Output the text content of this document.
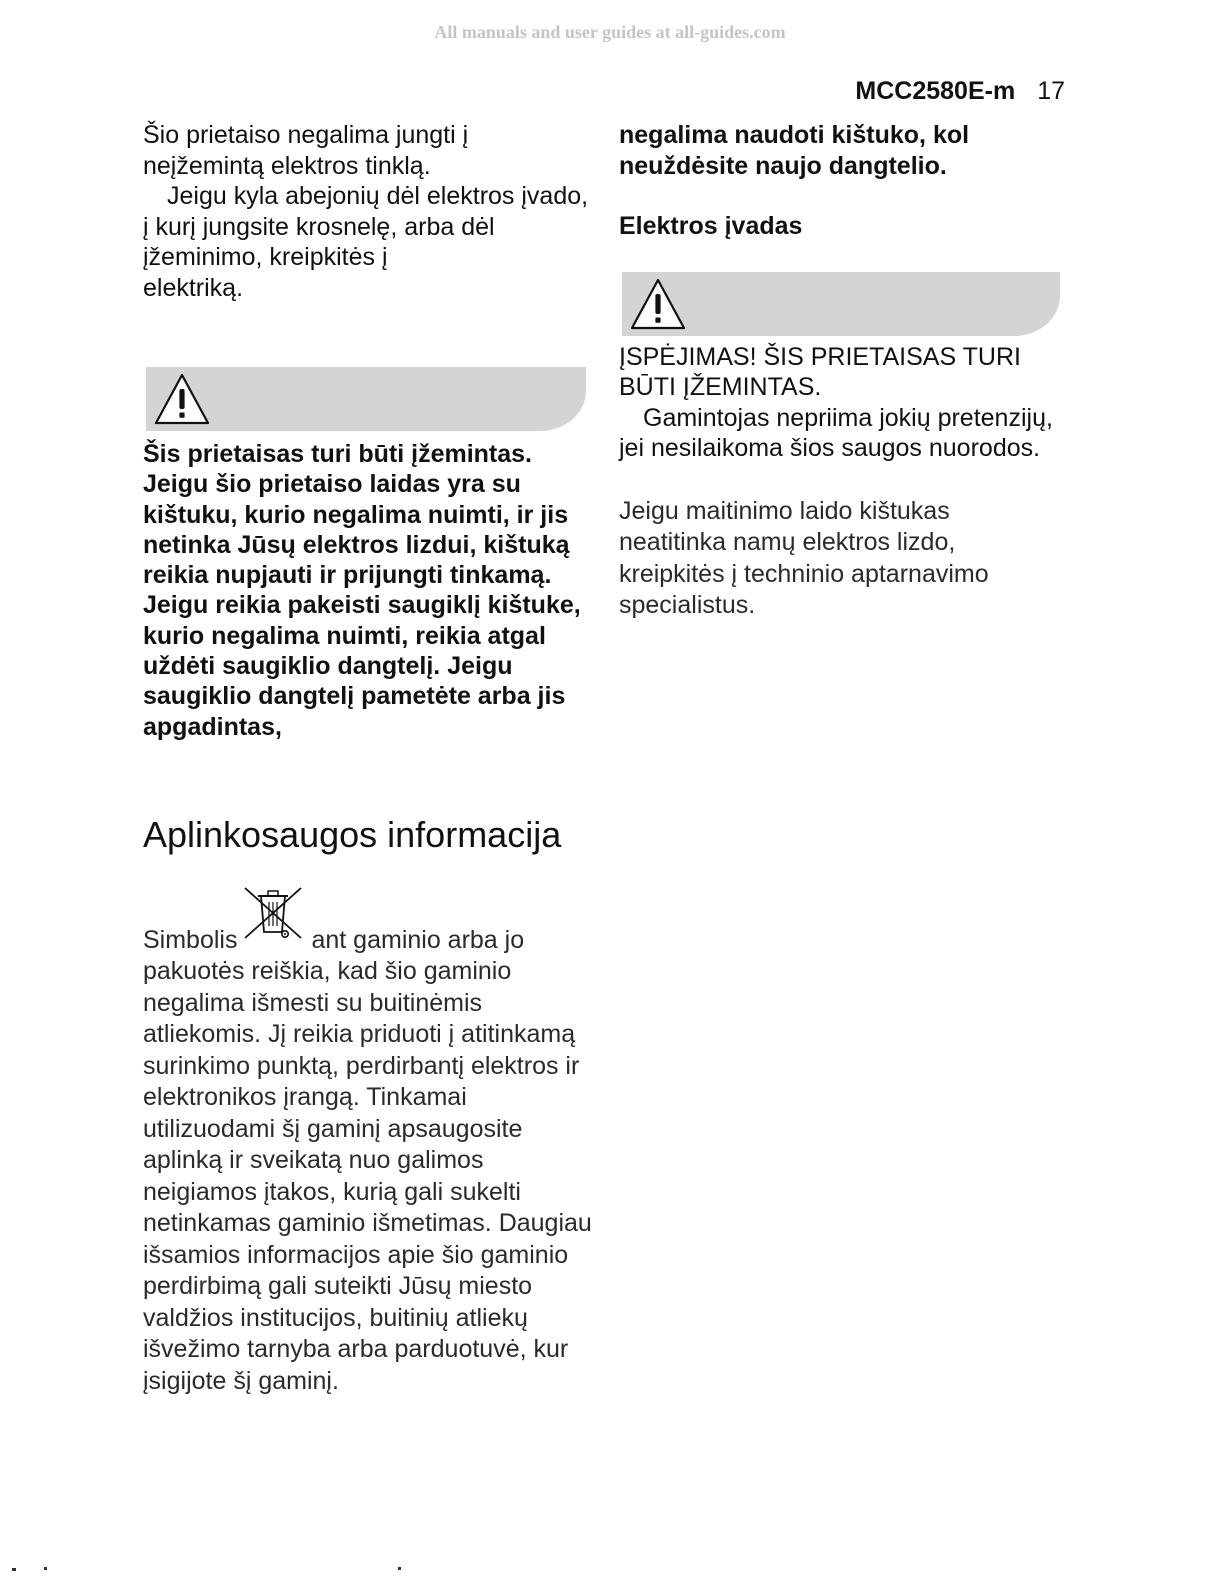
All manuals and user guides at all-guides.com
MCC2580E-m 17

Šio prietaiso negalima jungti į
neįžemintą elektros tinklą.

Jeigu kyla abejonių dėl elektros įvado, į kurį jungsite krosnelę, arba dėl įžeminimo, kreipkitės į
elektriką.

Šis prietaisas turi būti įžemintas. Jeigu šio prietaiso laidas yra su kištuku, kurio negalima nuimti, ir jis netinka Jūsų elektros lizdui, kištuką reikia nupjauti ir prijungti tinkamą. Jeigu reikia pakeisti saugiklį kištuke, kurio negalima nuimti, reikia atgal uždėti saugiklio dangtelį. Jeigu saugiklio dangtelį pametėte arba jis apgadintas,

Aplinkosaugos informacija

Simbolis	ant gaminio arba jo pakuotės reiškia, kad šio gaminio negalima išmesti su buitinėmis atliekomis. Jį reikia priduoti į atitinkamą surinkimo punktą, perdirbantį elektros ir elektronikos įrangą. Tinkamai utilizuodami šį gaminį apsaugosite aplinką ir sveikatą nuo galimos neigiamos įtakos, kurią gali sukelti netinkamas gaminio išmetimas. Daugiau išsamios informacijos apie šio gaminio perdirbimą gali suteikti Jūsų miesto valdžios institucijos, buitinių atliekų išvežimo tarnyba arba parduotuvė, kur įsigijote šį gaminį.

negalima naudoti kištuko, kol neuždėsite naujo dangtelio.

Elektros įvadas

ĮSPĖJIMAS! ŠIS PRIETAISAS TURI BŪTI ĮŽEMINTAS.

Gamintojas nepriima jokių pretenzijų, jei nesilaikoma šios saugos nuorodos.

Jeigu maitinimo laido kištukas neatitinka namų elektros lizdo, kreipkitės į techninio aptarnavimo specialistus.
